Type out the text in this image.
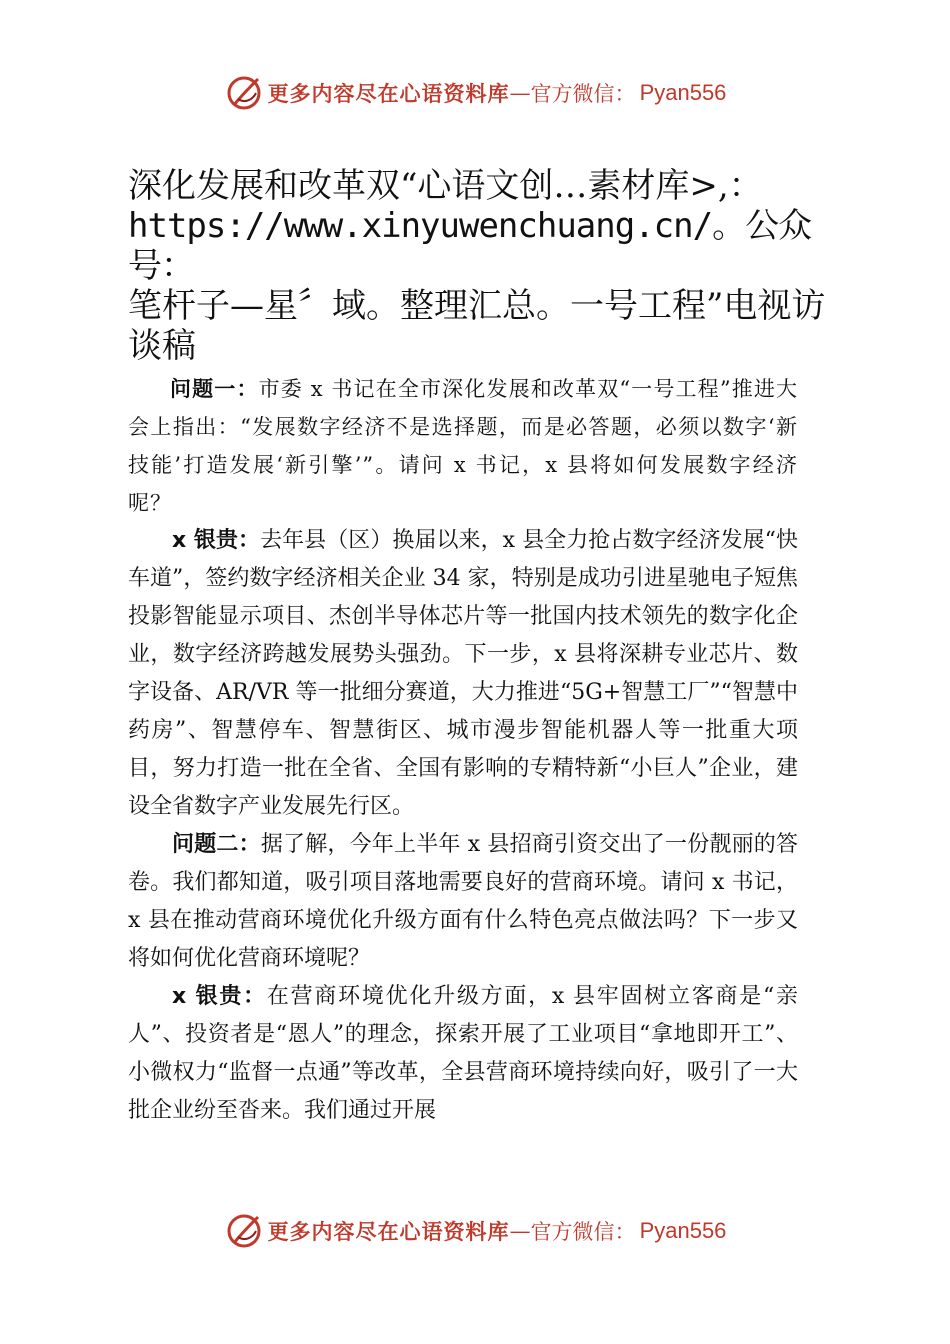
更多内容尽在心语资料库 — 官方微信： Pyan556
深化发展和改革双“心语文创…素材库>,：
https://www.xinyuwenchuang.cn/。公众号：
笔杆子—星〞域。整理汇总。一号工程”电视访谈稿

问题一：市委 x 书记在全市深化发展和改革双“一号工程”推进大会上指出：“发展数字经济不是选择题，而是必答题，必须以数字‘新技能’打造发展‘新引擎’”。请问 x 书记，x 县将如何发展数字经济呢？

x 银贵：去年县（区）换届以来，x 县全力抢占数字经济发展“快车道”，签约数字经济相关企业 34 家，特别是成功引进星驰电子短焦投影智能显示项目、杰创半导体芯片等一批国内技术领先的数字化企业，数字经济跨越发展势头强劲。下一步，x 县将深耕专业芯片、数字设备、AR/VR 等一批细分赛道，大力推进“5G+智慧工厂”“智慧中药房”、智慧停车、智慧街区、城市漫步智能机器人等一批重大项目，努力打造一批在全省、全国有影响的专精特新“小巨人”企业，建设全省数字产业发展先行区。

问题二：据了解，今年上半年 x 县招商引资交出了一份靓丽的答卷。我们都知道，吸引项目落地需要良好的营商环境。请问 x 书记，x 县在推动营商环境优化升级方面有什么特色亮点做法吗？下一步又将如何优化营商环境呢？

x 银贵：在营商环境优化升级方面，x 县牢固树立客商是“亲人”、投资者是“恩人”的理念，探索开展了工业项目“拿地即开工”、小微权力“监督一点通”等改革，全县营商环境持续向好，吸引了一大批企业纷至沓来。我们通过开展

更多内容尽在心语资料库 — 官方微信： Pyan556
